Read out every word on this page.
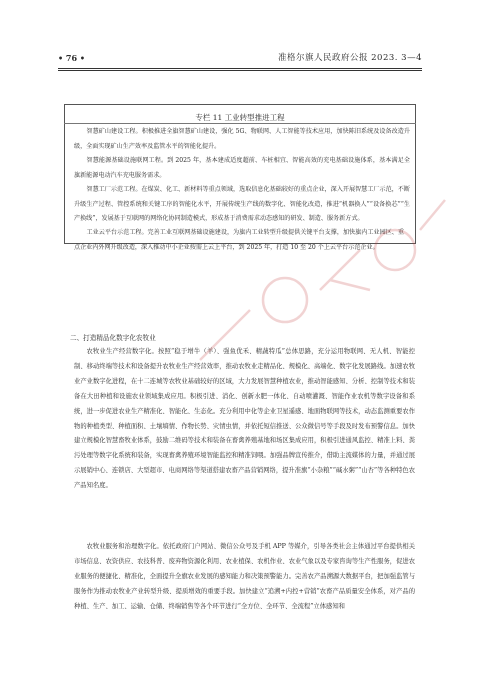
• 76 •	准格尔旗人民政府公报 2023. 3—4
专栏 11 工业转型推进工程

智慧矿山建设工程。积极推进全旗智慧矿山建设，强化 5G、物联网、人工智能等技术应用，加快陈旧系统及设备改造升级，全面实现矿山生产效率及监管水平的智能化提升。

智慧能源基础设施联网工程。到 2025 年，基本建成适度超前、车桩相宜、智能高效的充电基础设施体系，基本满足全旗新能源电动汽车充电服务需求。

智慧工厂示范工程。在煤炭、化工、新材料等重点领域，选取信息化基础较好的重点企业，深入开展智慧工厂示范，不断升级生产过程、管控系统和关键工序的智能化水平，开展传统生产线的数字化、智能化改造，推进“机器换人”“设备换芯”“生产换线”，发展基于互联网的网络化协同制造模式，形成基于消费需求动态感知的研发、制造、服务新方式。

工业云平台示范工程。完善工业互联网基础设施建设，为旗内工业转型升级提供关键平台支撑，加快旗内工业园区、重点企业内外网升级改造，深入推动中小企业按需上云上平台，到 2025 年，打造 10 至 20 个上云平台示范企业。

二、打造精品化数字化农牧业

农牧业生产经营数字化。按照“稳于增牛（羊）、强鱼优禾、精蔬特瓜”总体思路，充分运用物联网、无人机、智能控制、移动终端等技术和设备提升农牧业生产经营效率，推动农牧业走精品化、规模化、高端化、数字化发展路线。加速农牧业产业数字化进程，在十二连城等农牧业基础较好的区域，大力发展智慧种植农业，推动智能感知、分析、控制等技术和装备在大田种植和设施农业领域集成应用。积极引进、消化、创新水肥一体化、自动喷灌溉、智能作业农机等数字设备和系统，进一步促进农业生产精准化、智能化、生态化。充分利用中化等企业卫星遥感、地面物联网等技术，动态监测重要农作物的种植类型、种植面积、土壤墒情、作物长势、灾情虫情，并依托短信推送、公众微信号等手段及时发布预警信息。加快建立规模化智慧畜牧业体系，鼓励二维码等技术和装备在畜禽养殖基地和场区集成应用，积极引进通风监控、精准上料、粪污处理等数字化系统和装备，实现畜禽养殖环境智能监控和精准饲喂。加强品牌宣传推介，借助主流媒体的力量，并通过展示展销中心、连锁店、大型超市、电商网络等渠道搭建农畜产品营销网络，提升准旗“小杂粮”“碱水粥”“山杏”等各种特色农产品知名度。

农牧业服务和治理数字化。依托政府门户网站、微信公众号及手机 APP 等媒介，引导各类社会主体通过平台提供相关市场信息、农资供应、农技科普、废弃物资源化利用、农业植保、农机作业、农业气象以及专家咨询等生产性服务，促进农业服务的便捷化、精准化，全面提升全旗农业发展的感知能力和决策预警能力。完善农产品溯源大数据平台，把加强监管与服务作为推动农牧业产业转型升级、提质增效的重要手段。加快建立“追溯+内控+营销”农畜产品质量安全体系，对产品的种植、生产、加工、运输、仓储、终端销售等各个环节进行“全方位、全环节、全流程”立体感知和
